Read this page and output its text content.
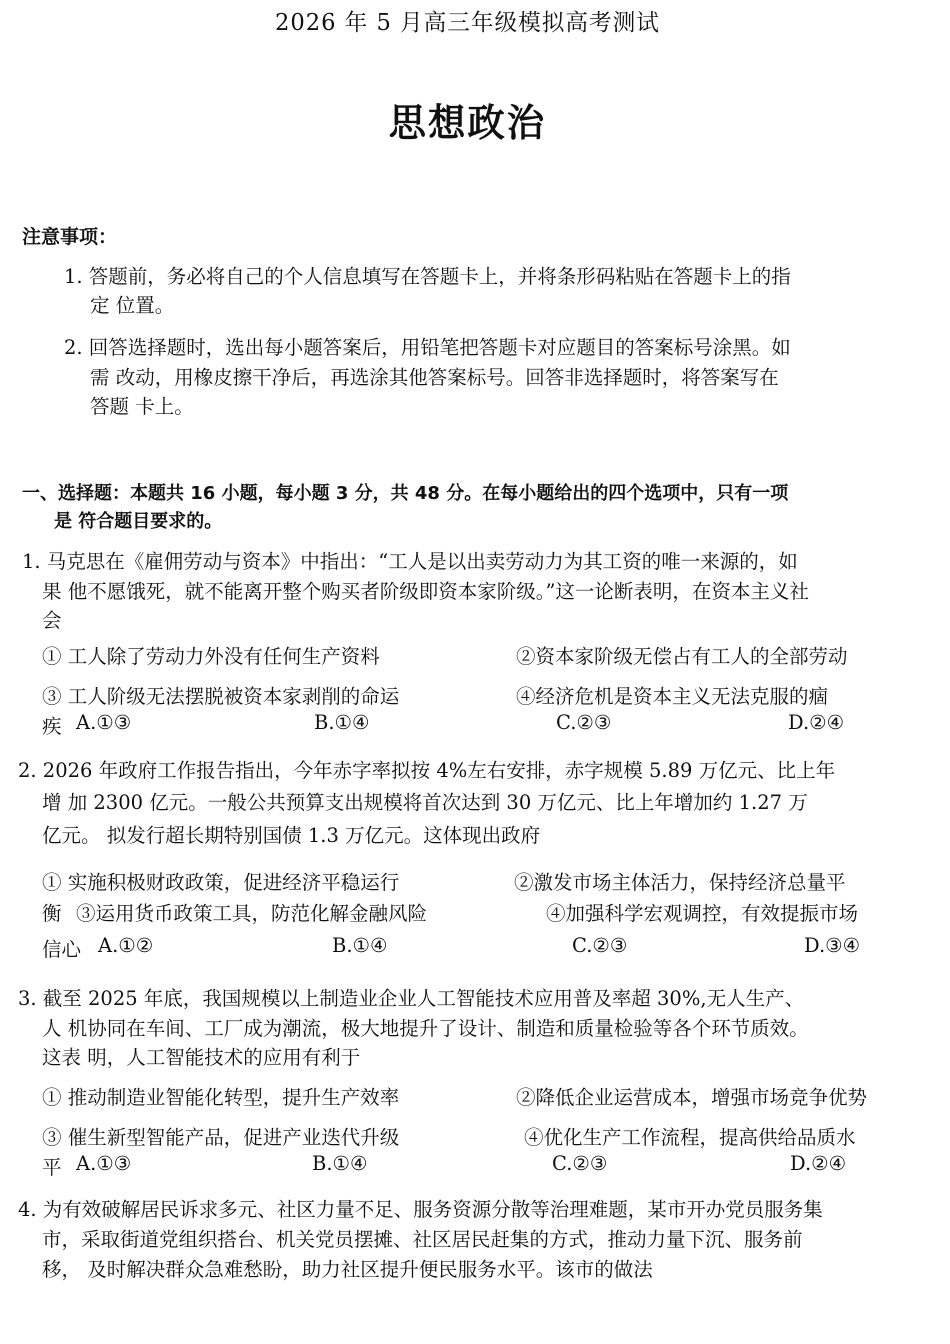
2026 年 5 月高三年级模拟高考测试
思想政治
注意事项：
1. 答题前，务必将自己的个人信息填写在答题卡上，并将条形码粘贴在答题卡上的指
定 位置。
2. 回答选择题时，选出每小题答案后，用铅笔把答题卡对应题目的答案标号涂黑。如
需 改动，用橡皮擦干净后，再选涂其他答案标号。回答非选择题时，将答案写在
答题 卡上。
一、选择题：本题共 16 小题，每小题 3 分，共 48 分。在每小题给出的四个选项中，只有一项
是 符合题目要求的。
1. 马克思在《雇佣劳动与资本》中指出：“工人是以出卖劳动力为其工资的唯一来源的，如
果 他不愿饿死，就不能离开整个购买者阶级即资本家阶级。”这一论断表明，在资本主义社
会
① 工人除了劳动力外没有任何生产资料	②资本家阶级无偿占有工人的全部劳动
③ 工人阶级无法摆脱被资本家剥削的命运	④经济危机是资本主义无法克服的痼
疾 A.①③	B.①④	C.②③	D.②④
2. 2026 年政府工作报告指出，今年赤字率拟按 4%左右安排，赤字规模 5.89 万亿元、比上年
增 加 2300 亿元。一般公共预算支出规模将首次达到 30 万亿元、比上年增加约 1.27 万
亿元。 拟发行超长期特别国债 1.3 万亿元。这体现出政府
① 实施积极财政政策，促进经济平稳运行	②激发市场主体活力，保持经济总量平
衡 ③运用货币政策工具，防范化解金融风险	④加强科学宏观调控，有效提振市场
信心 A.①②	B.①④	C.②③	D.③④
3. 截至 2025 年底，我国规模以上制造业企业人工智能技术应用普及率超 30%,无人生产、
人 机协同在车间、工厂成为潮流，极大地提升了设计、制造和质量检验等各个环节质效。
这表 明，人工智能技术的应用有利于
① 推动制造业智能化转型，提升生产效率	②降低企业运营成本，增强市场竞争优势
③ 催生新型智能产品，促进产业迭代升级	④优化生产工作流程，提高供给品质水
平 A.①③	B.①④	C.②③	D.②④
4. 为有效破解居民诉求多元、社区力量不足、服务资源分散等治理难题，某市开办党员服务集
市，采取街道党组织搭台、机关党员摆摊、社区居民赶集的方式，推动力量下沉、服务前
移， 及时解决群众急难愁盼，助力社区提升便民服务水平。该市的做法
